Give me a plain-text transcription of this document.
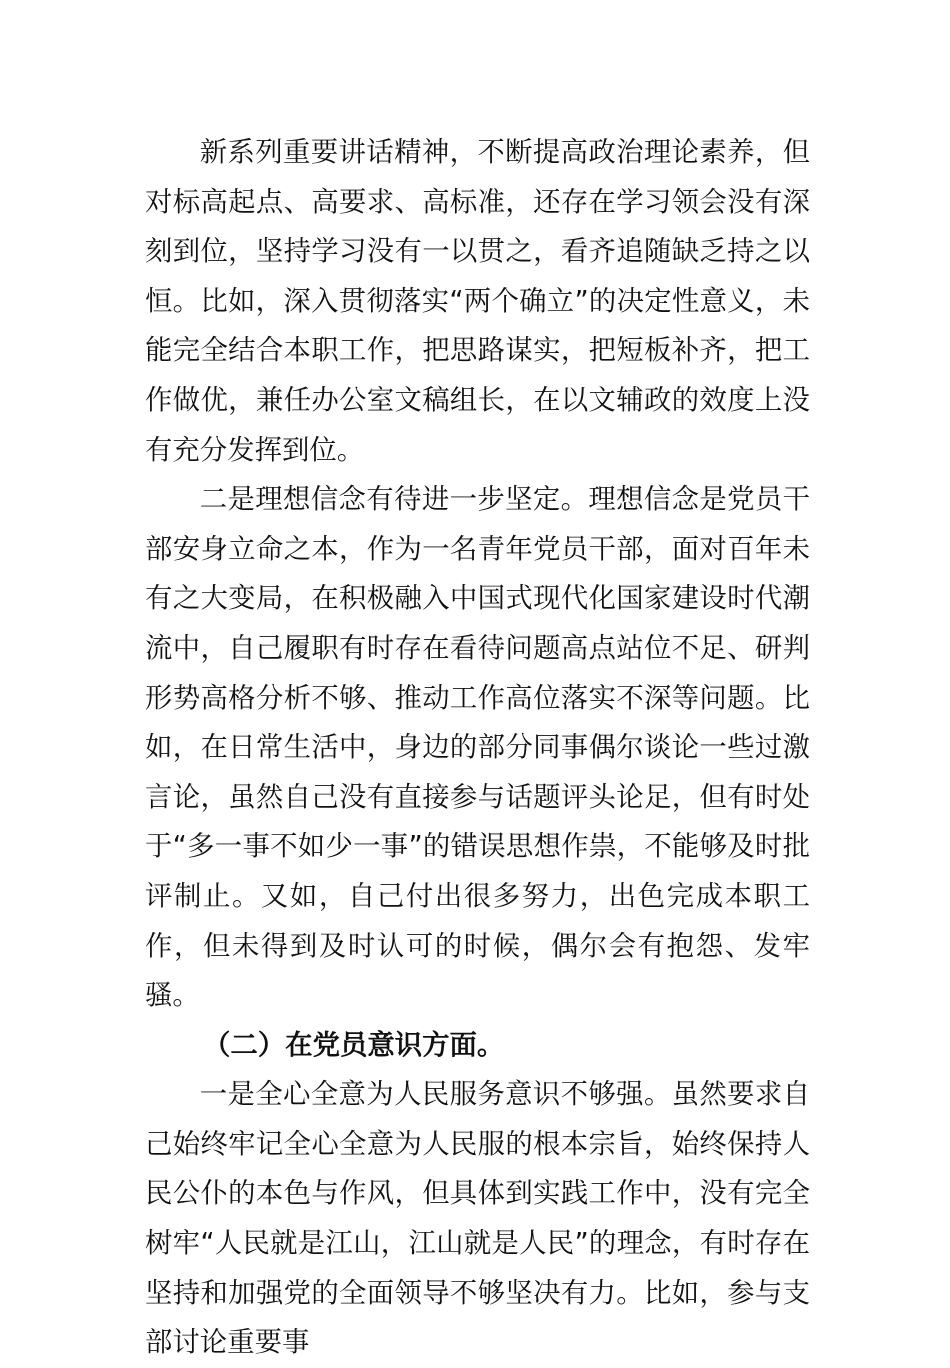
新系列重要讲话精神，不断提高政治理论素养，但对标高起点、高要求、高标准，还存在学习领会没有深刻到位，坚持学习没有一以贯之，看齐追随缺乏持之以恒。比如，深入贯彻落实“两个确立”的决定性意义，未能完全结合本职工作，把思路谋实，把短板补齐，把工作做优，兼任办公室文稿组长，在以文辅政的效度上没有充分发挥到位。

二是理想信念有待进一步坚定。理想信念是党员干部安身立命之本，作为一名青年党员干部，面对百年未有之大变局，在积极融入中国式现代化国家建设时代潮流中，自己履职有时存在看待问题高点站位不足、研判形势高格分析不够、推动工作高位落实不深等问题。比如，在日常生活中，身边的部分同事偶尔谈论一些过激言论，虽然自己没有直接参与话题评头论足，但有时处于“多一事不如少一事”的错误思想作祟，不能够及时批评制止。又如，自己付出很多努力，出色完成本职工作，但未得到及时认可的时候，偶尔会有抱怨、发牢骚。

（二）在党员意识方面。

一是全心全意为人民服务意识不够强。虽然要求自己始终牢记全心全意为人民服的根本宗旨，始终保持人民公仆的本色与作风，但具体到实践工作中，没有完全树牢“人民就是江山，江山就是人民”的理念，有时存在坚持和加强党的全面领导不够坚决有力。比如，参与支部讨论重要事
